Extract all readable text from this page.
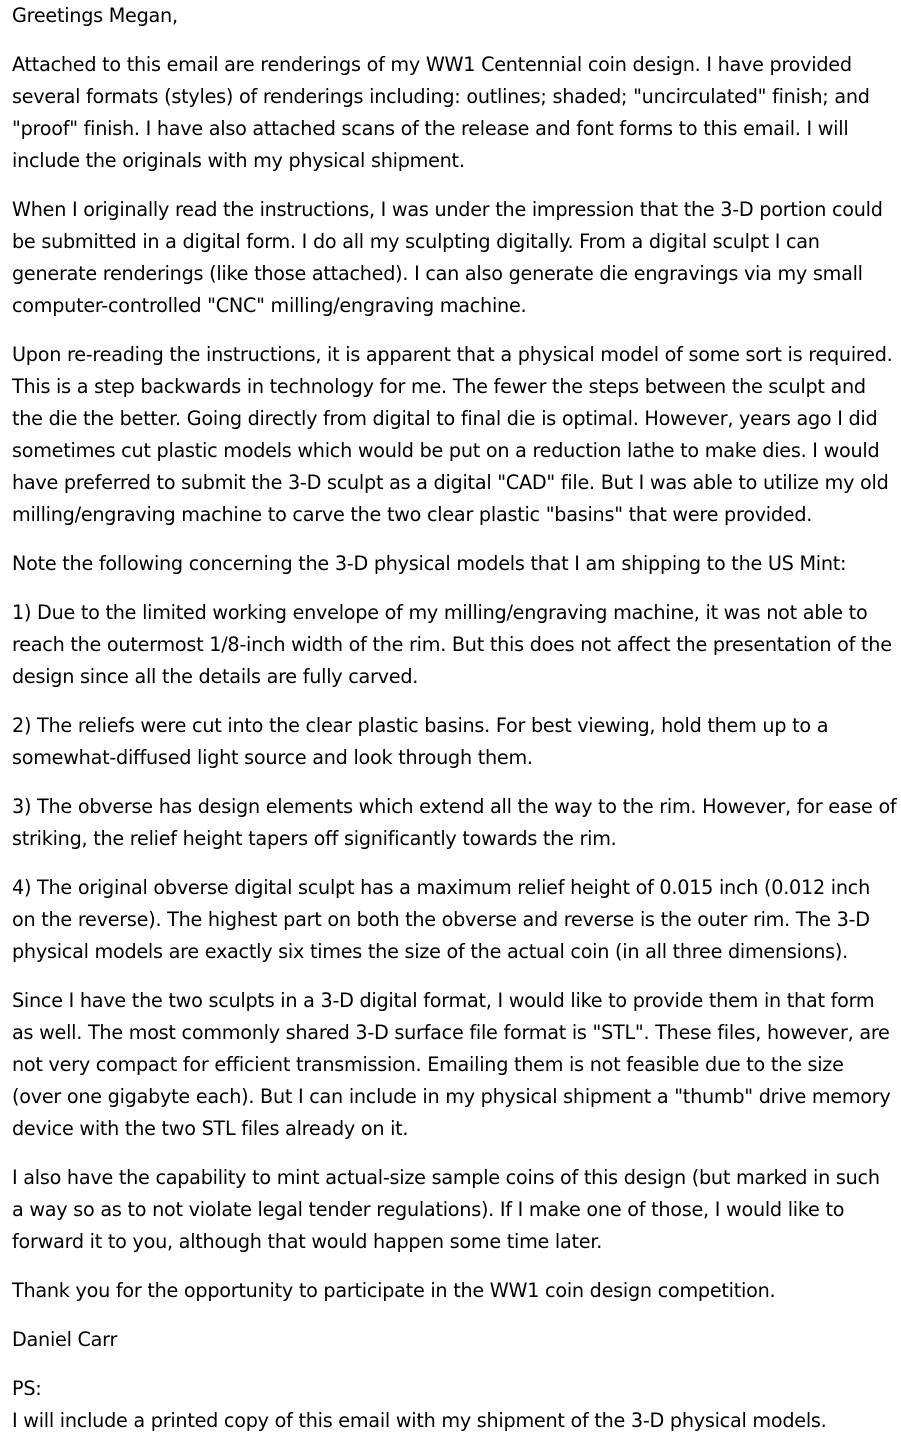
Greetings Megan,

Attached to this email are renderings of my WW1 Centennial coin design. I have provided several formats (styles) of renderings including: outlines; shaded; "uncirculated" finish; and "proof" finish. I have also attached scans of the release and font forms to this email. I will include the originals with my physical shipment.

When I originally read the instructions, I was under the impression that the 3-D portion could be submitted in a digital form. I do all my sculpting digitally. From a digital sculpt I can generate renderings (like those attached). I can also generate die engravings via my small computer-controlled "CNC" milling/engraving machine.

Upon re-reading the instructions, it is apparent that a physical model of some sort is required. This is a step backwards in technology for me. The fewer the steps between the sculpt and the die the better. Going directly from digital to final die is optimal. However, years ago I did sometimes cut plastic models which would be put on a reduction lathe to make dies. I would have preferred to submit the 3-D sculpt as a digital "CAD" file. But I was able to utilize my old milling/engraving machine to carve the two clear plastic "basins" that were provided.

Note the following concerning the 3-D physical models that I am shipping to the US Mint:

1) Due to the limited working envelope of my milling/engraving machine, it was not able to reach the outermost 1/8-inch width of the rim. But this does not affect the presentation of the design since all the details are fully carved.

2) The reliefs were cut into the clear plastic basins. For best viewing, hold them up to a somewhat-diffused light source and look through them.

3) The obverse has design elements which extend all the way to the rim. However, for ease of striking, the relief height tapers off significantly towards the rim.

4) The original obverse digital sculpt has a maximum relief height of 0.015 inch (0.012 inch on the reverse). The highest part on both the obverse and reverse is the outer rim. The 3-D physical models are exactly six times the size of the actual coin (in all three dimensions).

Since I have the two sculpts in a 3-D digital format, I would like to provide them in that form as well. The most commonly shared 3-D surface file format is "STL". These files, however, are not very compact for efficient transmission. Emailing them is not feasible due to the size (over one gigabyte each). But I can include in my physical shipment a "thumb" drive memory device with the two STL files already on it.

I also have the capability to mint actual-size sample coins of this design (but marked in such a way so as to not violate legal tender regulations). If I make one of those, I would like to forward it to you, although that would happen some time later.

Thank you for the opportunity to participate in the WW1 coin design competition.

Daniel Carr

PS:
I will include a printed copy of this email with my shipment of the 3-D physical models.
